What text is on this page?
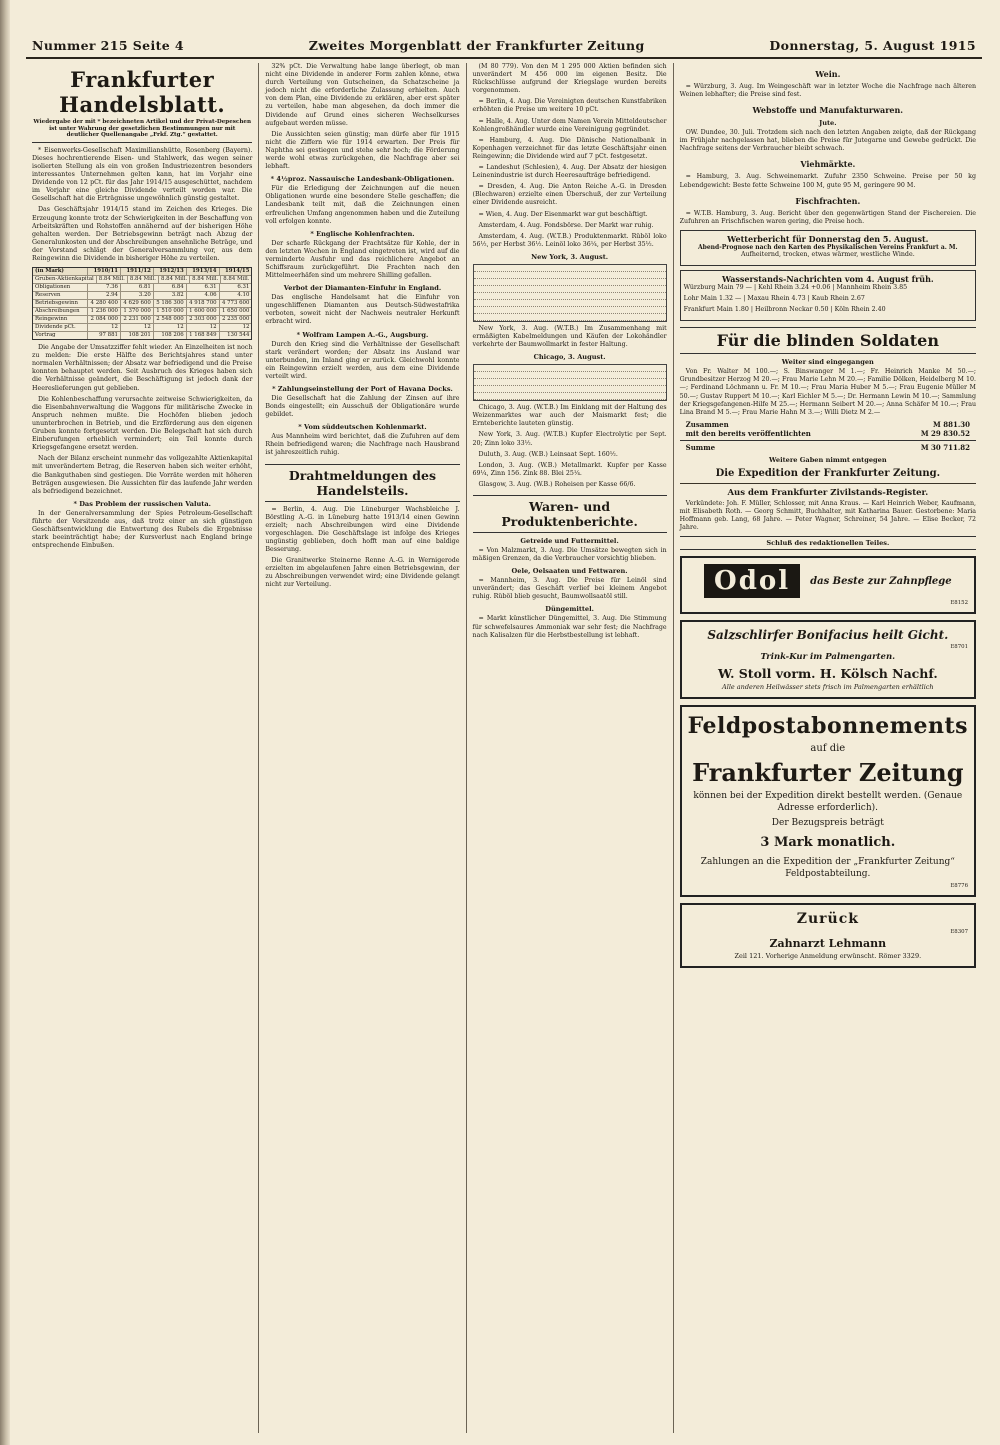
Nummer 215 Seite 4	Zweites Morgenblatt der Frankfurter Zeitung	Donnerstag, 5. August 1915
Frankfurter Handelsblatt.
Wiedergabe der mit * bezeichneten Artikel und der Privat-Depeschen ist unter Wahrung der gesetzlichen Bestimmungen nur mit deutlicher Quellenangabe „Frkf. Ztg.“ gestattet.

* Eisenwerks-Gesellschaft Maximilianshütte, Rosenberg (Bayern). Dieses hochrentierende Eisen- und Stahlwerk, das wegen seiner isolierten Stellung als ein von großen Industriezentren besonders interessantes Unternehmen gelten kann, hat im Vorjahr eine Dividende von 12 pCt. für das Jahr 1914/15 ausgeschüttet, nachdem im Vorjahr eine gleiche Dividende verteilt worden war. Die Gesellschaft hat die Erträgnisse ungewöhnlich günstig gestaltet.

Das Geschäftsjahr 1914/15 stand im Zeichen des Krieges. Die Erzeugung konnte trotz der Schwierigkeiten in der Beschaffung von Arbeitskräften und Rohstoffen annähernd auf der bisherigen Höhe gehalten werden. Der Betriebsgewinn beträgt nach Abzug der Generalunkosten und der Abschreibungen ansehnliche Beträge, und der Vorstand schlägt der Generalversammlung vor, aus dem Reingewinn die Dividende in bisheriger Höhe zu verteilen.

(in Mark)	1910/11	1911/12	1912/13	1913/14	1914/15
Gruben-Aktienkapital 8.84 Mill. 8.84 Mill. 8.84 Mill. 8.84 Mill. 8.84 Mill.
Obligationen	7.36	6.81	6.84	6.31	6.31
Reserven	2.94	3.20	3.82	4.06	4.10
Betriebsgewinn	4 280 400	4 629 600	5 186 300	4 918 700	4 773 600
Abschreibungen	1 236 000	1 370 000	1 510 000	1 600 000	1 650 000
Reingewinn	2 084 000	2 231 000	2 548 000	2 303 000	2 235 000
Dividende pCt.	12	12	12	12	12
Vortrag	97 881	108 201	108 206	1 168 849	130 544

Die Angabe der Umsatzziffer fehlt wieder. An Einzelheiten ist noch zu melden: Die erste Hälfte des Berichtsjahres stand unter normalen Verhältnissen; der Absatz war befriedigend und die Preise konnten behauptet werden. Seit Ausbruch des Krieges haben sich die Verhältnisse geändert, die Beschäftigung ist jedoch dank der Heereslieferungen gut geblieben.

Die Kohlenbeschaffung verursachte zeitweise Schwierigkeiten, da die Eisenbahnverwaltung die Waggons für militärische Zwecke in Anspruch nehmen mußte. Die Hochöfen blieben jedoch ununterbrochen in Betrieb, und die Erzförderung aus den eigenen Gruben konnte fortgesetzt werden. Die Belegschaft hat sich durch Einberufungen erheblich vermindert; ein Teil konnte durch Kriegsgefangene ersetzt werden.

Nach der Bilanz erscheint nunmehr das vollgezahlte Aktienkapital mit unverändertem Betrag, die Reserven haben sich weiter erhöht, die Bankguthaben sind gestiegen. Die Vorräte werden mit höheren Beträgen ausgewiesen. Die Aussichten für das laufende Jahr werden als befriedigend bezeichnet.

* Das Problem der russischen Valuta.

In der Generalversammlung der Spies Petroleum-Gesellschaft führte der Vorsitzende aus, daß trotz einer an sich günstigen Geschäftsentwicklung die Entwertung des Rubels die Ergebnisse stark beeinträchtigt habe; der Kursverlust nach England bringe entsprechende Einbußen.

32% pCt. Die Verwaltung habe lange überlegt, ob man nicht eine Dividende in anderer Form zahlen könne, etwa durch Verteilung von Gutscheinen, da Schatzscheine ja jedoch nicht die erforderliche Zulassung erhielten. Auch von dem Plan, eine Dividende zu erklären, aber erst später zu verteilen, habe man abgesehen, da doch immer die Dividende auf Grund eines sicheren Wechselkurses aufgebaut werden müsse.

Die Aussichten seien günstig; man dürfe aber für 1915 nicht die Ziffern wie für 1914 erwarten. Der Preis für Naphtha sei gestiegen und stehe sehr hoch; die Förderung werde wohl etwas zurückgehen, die Nachfrage aber sei lebhaft.

* 4½proz. Nassauische Landesbank-Obligationen.

Für die Erledigung der Zeichnungen auf die neuen Obligationen wurde eine besondere Stelle geschaffen; die Landesbank teilt mit, daß die Zeichnungen einen erfreulichen Umfang angenommen haben und die Zuteilung voll erfolgen konnte.

* Englische Kohlenfrachten.

Der scharfe Rückgang der Frachtsätze für Kohle, der in den letzten Wochen in England eingetreten ist, wird auf die verminderte Ausfuhr und das reichlichere Angebot an Schiffsraum zurückgeführt. Die Frachten nach den Mittelmeerhäfen sind um mehrere Shilling gefallen.

Verbot der Diamanten-Einfuhr in England.

Das englische Handelsamt hat die Einfuhr von ungeschliffenen Diamanten aus Deutsch-Südwestafrika verboten, soweit nicht der Nachweis neutraler Herkunft erbracht wird.

* Wolfram Lampen A.-G., Augsburg.

Durch den Krieg sind die Verhältnisse der Gesellschaft stark verändert worden; der Absatz ins Ausland war unterbunden, im Inland ging er zurück. Gleichwohl konnte ein Reingewinn erzielt werden, aus dem eine Dividende verteilt wird.

* Zahlungseinstellung der Port of Havana Docks.

Die Gesellschaft hat die Zahlung der Zinsen auf ihre Bonds eingestellt; ein Ausschuß der Obligationäre wurde gebildet.

* Vom süddeutschen Kohlenmarkt.

Aus Mannheim wird berichtet, daß die Zufuhren auf dem Rhein befriedigend waren; die Nachfrage nach Hausbrand ist jahreszeitlich ruhig.

Drahtmeldungen des Handelsteils.

= Berlin, 4. Aug. Die Lüneburger Wachsbleiche J. Börstling A.-G. in Lüneburg hatte 1913/14 einen Gewinn erzielt; nach Abschreibungen wird eine Dividende vorgeschlagen. Die Geschäftslage ist infolge des Krieges ungünstig geblieben, doch hofft man auf eine baldige Besserung.

Die Granitwerke Steinerne Renne A.-G. in Wernigerode erzielten im abgelaufenen Jahre einen Betriebsgewinn, der zu Abschreibungen verwendet wird; eine Dividende gelangt nicht zur Verteilung.

(M 80 779). Von den M 1 295 000 Aktien befinden sich unverändert M 456 000 im eigenen Besitz. Die Rückschlüsse aufgrund der Kriegslage wurden bereits vorgenommen.

= Berlin, 4. Aug. Die Vereinigten deutschen Kunstfabriken erhöhten die Preise um weitere 10 pCt.

= Halle, 4. Aug. Unter dem Namen Verein Mitteldeutscher Kohlengroßhändler wurde eine Vereinigung gegründet.

= Hamburg, 4. Aug. Die Dänische Nationalbank in Kopenhagen verzeichnet für das letzte Geschäftsjahr einen Reingewinn; die Dividende wird auf 7 pCt. festgesetzt.

= Landeshut (Schlesien), 4. Aug. Der Absatz der hiesigen Leinenindustrie ist durch Heeresaufträge befriedigend.

= Dresden, 4. Aug. Die Anton Reiche A.-G. in Dresden (Blechwaren) erzielte einen Überschuß, der zur Verteilung einer Dividende ausreicht.

= Wien, 4. Aug. Der Eisenmarkt war gut beschäftigt.

Amsterdam, 4. Aug. Fondsbörse. Der Markt war ruhig.

Amsterdam, 4. Aug. (W.T.B.) Produktenmarkt. Rüböl loko 56½, per Herbst 36½. Leinöl loko 36¼, per Herbst 35½.

New York, 3. August.

New York, 3. Aug. (W.T.B.) Im Zusammenhang mit ermäßigten Kabelmeldungen und Käufen der Lokohändler verkehrte der Baumwollmarkt in fester Haltung.

Chicago, 3. August.

Chicago, 3. Aug. (W.T.B.) Im Einklang mit der Haltung des Weizenmarktes war auch der Maismarkt fest; die Ernteberichte lauteten günstig.

New York, 3. Aug. (W.T.B.) Kupfer Electrolytic per Sept. 20; Zinn loko 33½.

Duluth, 3. Aug. (W.B.) Leinsaat Sept. 160½.

London, 3. Aug. (W.B.) Metallmarkt. Kupfer per Kasse 69¼, Zinn 156. Zink 88. Blei 25¼.

Glasgow, 3. Aug. (W.B.) Roheisen per Kasse 66/6.

Waren- und Produktenberichte.
Getreide und Futtermittel.

= Von Malzmarkt, 3. Aug. Die Umsätze bewegten sich in mäßigen Grenzen, da die Verbraucher vorsichtig blieben.

Oele, Oelsaaten und Fettwaren.

= Mannheim, 3. Aug. Die Preise für Leinöl sind unverändert; das Geschäft verlief bei kleinem Angebot ruhig. Rüböl blieb gesucht, Baumwollsaatöl still.

Düngemittel.

= Markt künstlicher Düngemittel, 3. Aug. Die Stimmung für schwefelsaures Ammoniak war sehr fest; die Nachfrage nach Kalisalzen für die Herbstbestellung ist lebhaft.

Wein.

= Würzburg, 3. Aug. Im Weingeschäft war in letzter Woche die Nachfrage nach älteren Weinen lebhafter; die Preise sind fest.

Webstoffe und Manufakturwaren.
Jute.

OW. Dundee, 30. Juli. Trotzdem sich nach den letzten Angaben zeigte, daß der Rückgang im Frühjahr nachgelassen hat, blieben die Preise für Jutegarne und Gewebe gedrückt. Die Nachfrage seitens der Verbraucher bleibt schwach.

Viehmärkte.

= Hamburg, 3. Aug. Schweinemarkt. Zufuhr 2350 Schweine. Preise per 50 kg Lebendgewicht: Beste fette Schweine 100 M, gute 95 M, geringere 90 M.

Fischfrachten.

= W.T.B. Hamburg, 3. Aug. Bericht über den gegenwärtigen Stand der Fischereien. Die Zufuhren an Frischfischen waren gering, die Preise hoch.

Wetterbericht für Donnerstag den 5. August.
Abend-Prognose nach den Karten des Physikalischen Vereins Frankfurt a. M.

Aufheiternd, trocken, etwas wärmer, westliche Winde.

Wasserstands-Nachrichten vom 4. August früh.

Würzburg Main 79 — | Kehl Rhein 3.24 +0.06 | Mannheim Rhein 3.85

Lohr Main 1.32 — | Maxau Rhein 4.73 | Kaub Rhein 2.67

Frankfurt Main 1.80 | Heilbronn Neckar 0.50 | Köln Rhein 2.40

Für die blinden Soldaten
Weiter sind eingegangen

Von Fr. Walter M 100.—; S. Binswanger M 1.—; Fr. Heinrich Manke M 50.—; Grundbesitzer Herzog M 20.—; Frau Marie Lehn M 20.—; Familie Dölken, Heidelberg M 10.—; Ferdinand Löchmann u. Fr. M 10.—; Frau Maria Huber M 5.—; Frau Eugenie Müller M 50.—; Gustav Ruppert M 10.—; Karl Eichler M 5.—; Dr. Hermann Lewin M 10.—; Sammlung der Kriegsgefangenen-Hilfe M 25.—; Hermann Seibert M 20.—; Anna Schäfer M 10.—; Frau Lina Brand M 5.—; Frau Marie Hahn M 3.—; Willi Dietz M 2.—

Zusammen	M 881.30
mit den bereits veröffentlichten	M 29 830.52
Summe	M 30 711.82
Weitere Gaben nimmt entgegen
Die Expedition der Frankfurter Zeitung.
Aus dem Frankfurter Zivilstands-Register.

Verkündete: Joh. F. Müller, Schlosser, mit Anna Kraus. — Karl Heinrich Weber, Kaufmann, mit Elisabeth Roth. — Georg Schmitt, Buchhalter, mit Katharina Bauer. Gestorbene: Maria Hoffmann geb. Lang, 68 Jahre. — Peter Wagner, Schreiner, 54 Jahre. — Elise Becker, 72 Jahre.

Schluß des redaktionellen Teiles.
Odol	das Beste zur Zahnpflege
E8152
Salzschlirfer Bonifacius heilt Gicht.
E8701
Trink-Kur im Palmengarten.
W. Stoll vorm. H. Kölsch Nachf.
Alle anderen Heilwässer stets frisch im Palmengarten erhältlich
Feldpostabonnements
auf die
Frankfurter Zeitung
können bei der Expedition direkt bestellt werden. (Genaue Adresse erforderlich).
Der Bezugspreis beträgt
3 Mark monatlich.
Zahlungen an die Expedition der „Frankfurter Zeitung“ Feldpostabteilung.
E8776
Zurück
E8307
Zahnarzt Lehmann
Zeil 121. Vorherige Anmeldung erwünscht. Römer 3329.
